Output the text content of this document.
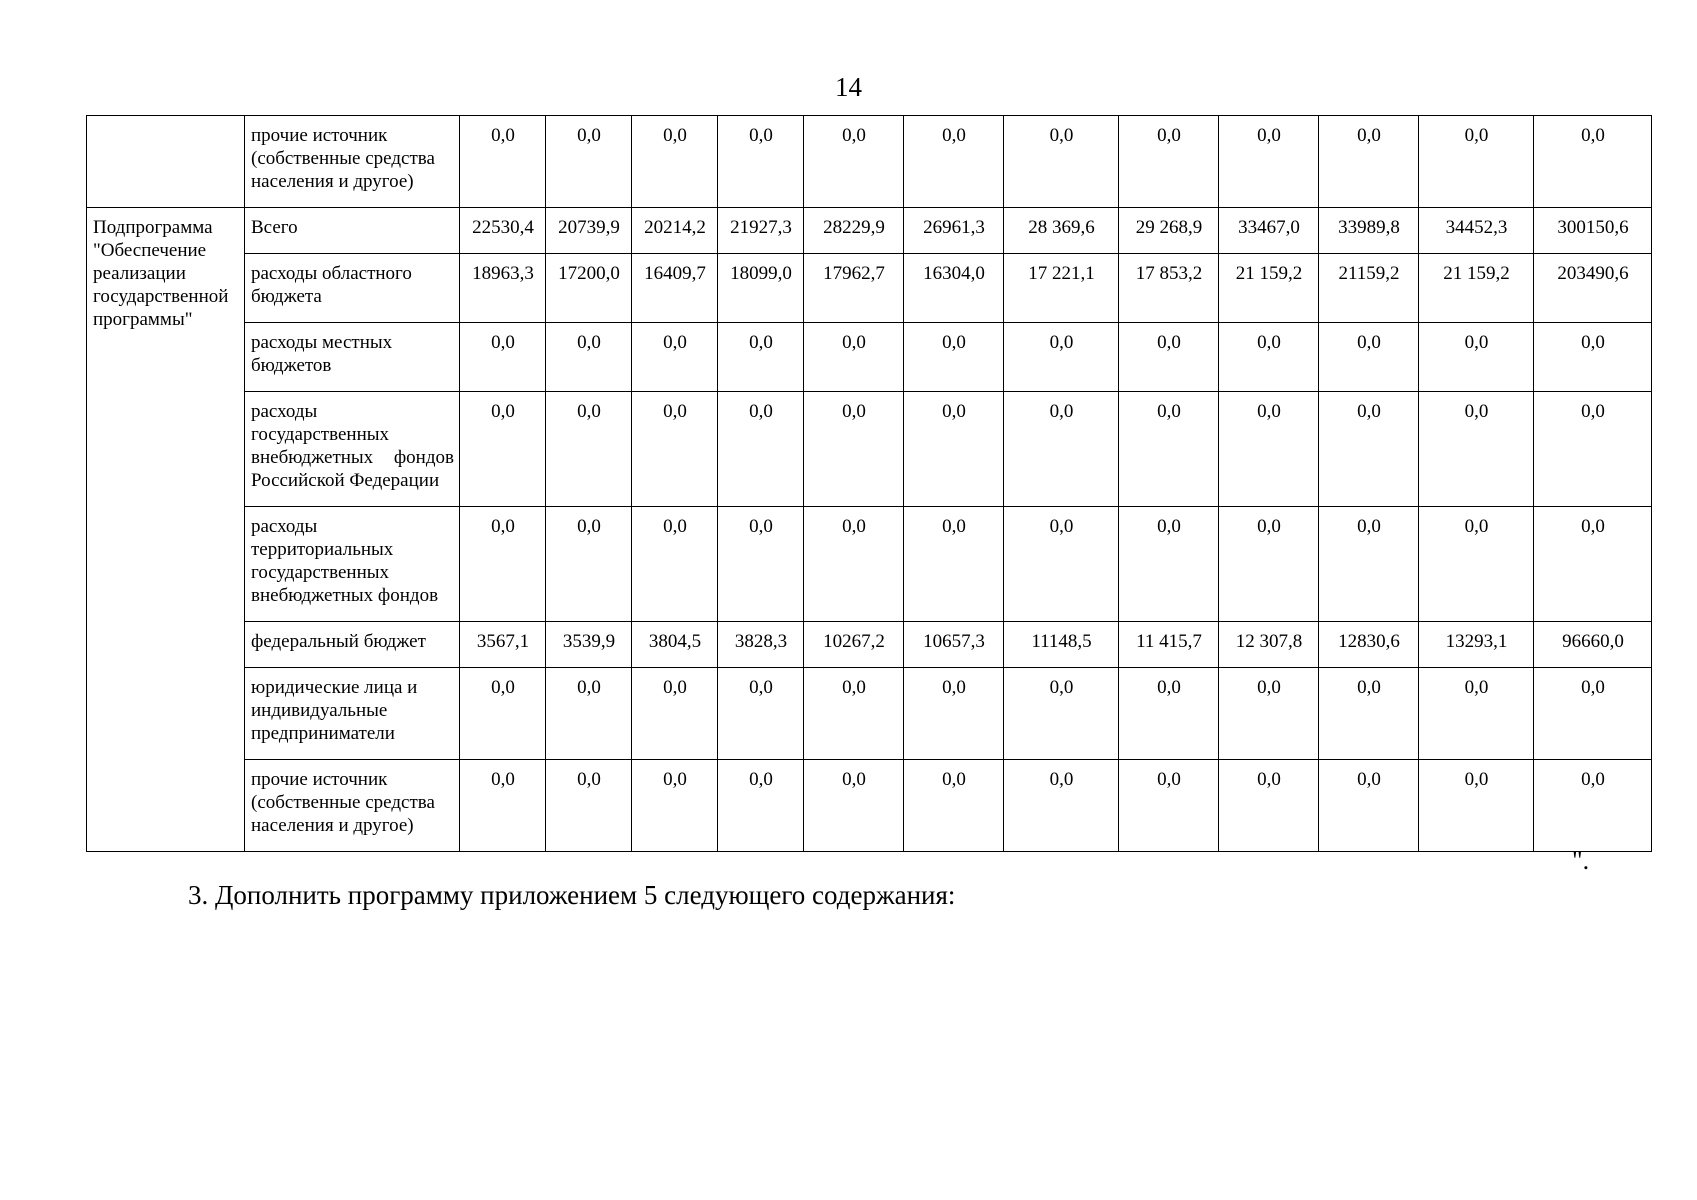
14
	прочие источник (собственные средства населения и другое)	0,0	0,0	0,0	0,0	0,0	0,0	0,0	0,0	0,0	0,0	0,0	0,0
Подпрограмма "Обеспечение реализации государственной программы"	Всего	22530,4	20739,9	20214,2	21927,3	28229,9	26961,3	28 369,6	29 268,9	33467,0	33989,8	34452,3	300150,6
	расходы областного бюджета	18963,3	17200,0	16409,7	18099,0	17962,7	16304,0	17 221,1	17 853,2	21 159,2	21159,2	21 159,2	203490,6
	расходы местных бюджетов	0,0	0,0	0,0	0,0	0,0	0,0	0,0	0,0	0,0	0,0	0,0	0,0
	расходы государственных внебюджетных фондов Российской Федерации	0,0	0,0	0,0	0,0	0,0	0,0	0,0	0,0	0,0	0,0	0,0	0,0
	расходы территориальных государственных внебюджетных фондов	0,0	0,0	0,0	0,0	0,0	0,0	0,0	0,0	0,0	0,0	0,0	0,0
	федеральный бюджет	3567,1	3539,9	3804,5	3828,3	10267,2	10657,3	11148,5	11 415,7	12 307,8	12830,6	13293,1	96660,0
	юридические лица и индивидуальные предприниматели	0,0	0,0	0,0	0,0	0,0	0,0	0,0	0,0	0,0	0,0	0,0	0,0
	прочие источник (собственные средства населения и другое)	0,0	0,0	0,0	0,0	0,0	0,0	0,0	0,0	0,0	0,0	0,0	0,0
".
3. Дополнить программу приложением 5 следующего содержания:
